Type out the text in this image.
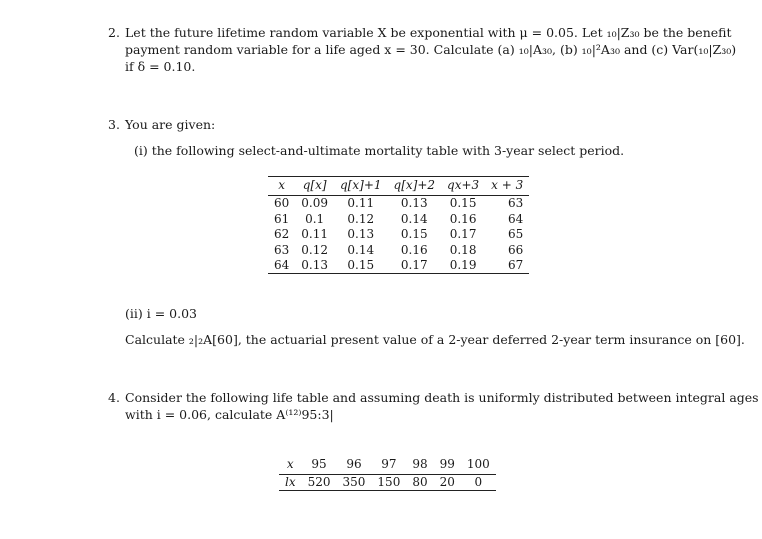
2. Let the future lifetime random variable X be exponential with μ = 0.05. Let ₁₀|Z₃₀ be the benefit
payment random variable for a life aged x = 30. Calculate (a) ₁₀|A₃₀, (b) ₁₀|²A₃₀ and (c) Var(₁₀|Z₃₀)
if δ = 0.10.
3. You are given:
(i) the following select-and-ultimate mortality table with 3-year select period.
x	q[x]	q[x]+1	q[x]+2	qx+3	x + 3
60	0.09	0.11	0.13	0.15	63
61	0.1	0.12	0.14	0.16	64
62	0.11	0.13	0.15	0.17	65
63	0.12	0.14	0.16	0.18	66
64	0.13	0.15	0.17	0.19	67
(ii) i = 0.03
Calculate ₂|₂A[60], the actuarial present value of a 2-year deferred 2-year term insurance on [60].
4. Consider the following life table and assuming death is uniformly distributed between integral ages
with i = 0.06, calculate A⁽¹²⁾95:3|
x	95	96	97	98	99	100
lx	520	350	150	80	20	0
